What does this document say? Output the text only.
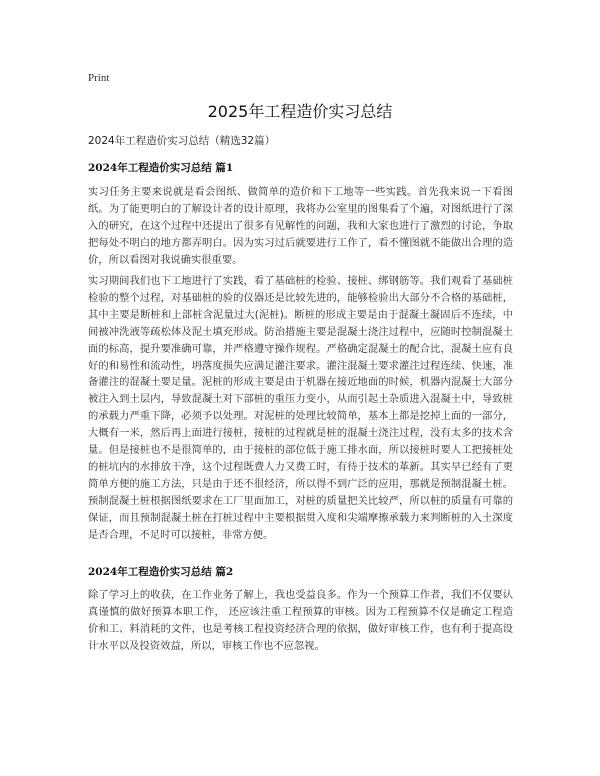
Print
2025年工程造价实习总结
2024年工程造价实习总结（精选32篇）
2024年工程造价实习总结 篇1

实习任务主要来说就是看会图纸、做简单的造价和下工地等一些实践。首先我来说一下看图纸。为了能更明白的了解设计者的设计原理，我将办公室里的图集看了个遍，对图纸进行了深入的研究，在这个过程中还提出了很多有见解性的问题，我和大家也进行了激烈的讨论，争取把每处不明白的地方都弄明白。因为实习过后就要进行工作了，看不懂图就不能做出合理的造价，所以看图对我说确实很重要。

实习期间我们也下工地进行了实践，看了基础桩的检验、接桩、绑钢筋等。我们观看了基础桩检验的整个过程，对基础桩的验的仪器还是比较先进的，能够检验出大部分不合格的基础桩，其中主要是断桩和上部桩含泥量过大(泥桩)。断桩的形成主要是由于混凝土凝固后不连续，中间被冲洗液等疏松体及泥土填充形成。防治措施主要是混凝土浇注过程中，应随时控制混凝土面的标高，提升要准确可靠，并严格遵守操作规程。严格确定混凝土的配合比，混凝土应有良好的和易性和流动性，坍落度损失应满足灌注要求。灌注混凝土要求灌注过程连续、快速，准备灌注的混凝土要足量。泥桩的形成主要是由于机器在接近地面的时候，机器内混凝土大部分被注入到土层内，导致混凝土对下部桩的重压力变小，从而引起土杂质进入混凝土中，导致桩的承载力严重下降，必须予以处理。对泥桩的处理比较简单，基本上都是挖掉上面的一部分，大概有一米，然后再上面进行接桩，接桩的过程就是桩的混凝土浇注过程，没有太多的技术含量。但是接桩也不是很简单的，由于接桩的部位低于施工排水面，所以接桩时要人工把接桩处的桩坑内的水排放干净，这个过程既费人力又费工时，有待于技术的革新。其实早已经有了更简单方便的施工方法，只是由于还不很经济，所以得不到广泛的应用，那就是预制混凝土桩。预制混凝土桩根据图纸要求在工厂里面加工，对桩的质量把关比较严，所以桩的质量有可靠的保证，而且预制混凝土桩在打桩过程中主要根据贯入度和尖端摩擦承载力来判断桩的入土深度是否合理，不足时可以接桩，非常方便。

2024年工程造价实习总结 篇2

除了学习上的收获，在工作业务了解上，我也受益良多。作为一个预算工作者，我们不仅要认真谨慎的做好预算本职工作， 还应该注重工程预算的审核。因为工程预算不仅是确定工程造价和工、料消耗的文件，也是考核工程投资经济合理的依据，做好审核工作，也有利于提高设计水平以及投资效益，所以，审核工作也不应忽视。
